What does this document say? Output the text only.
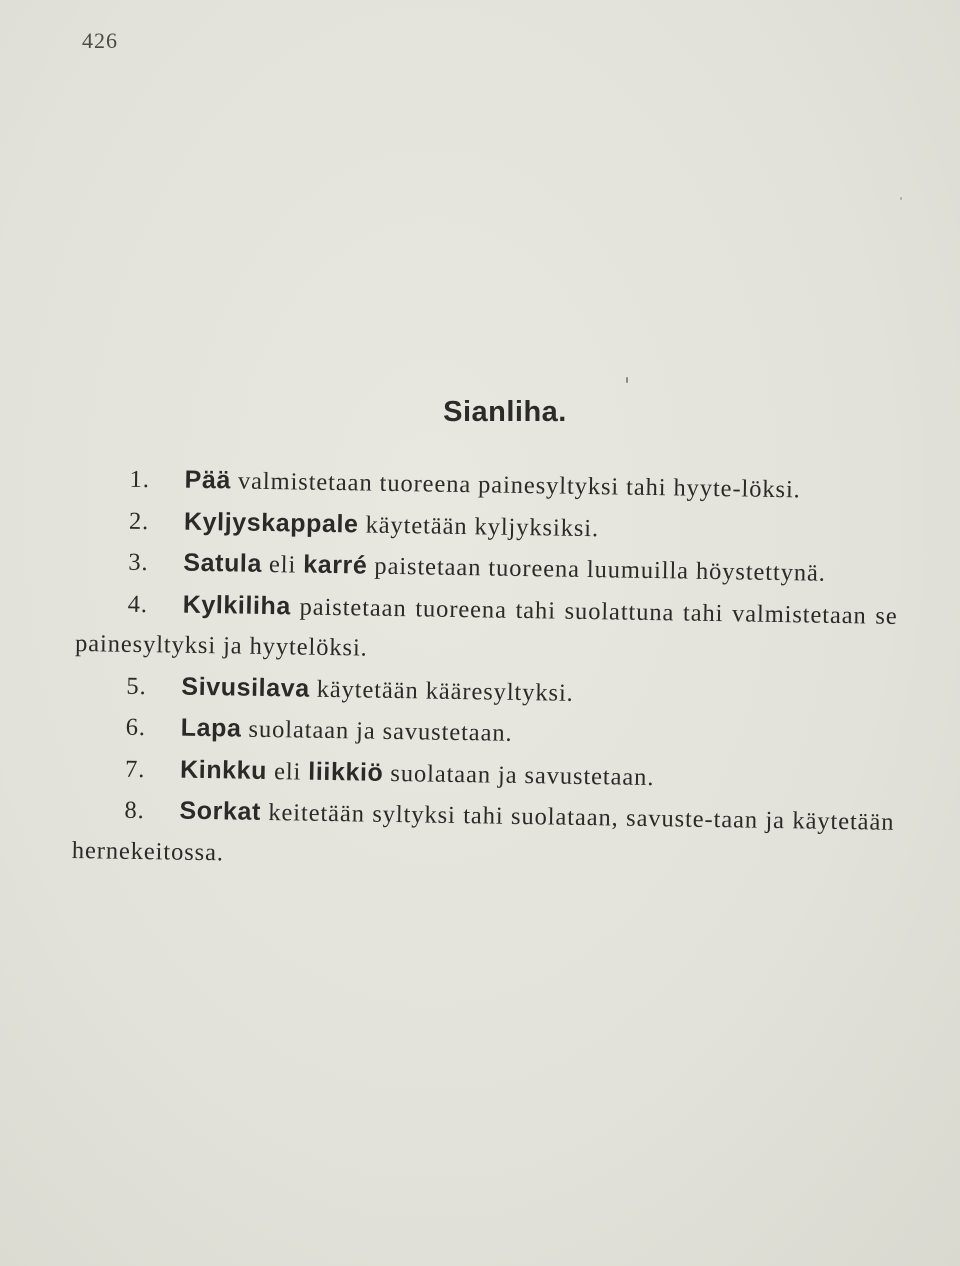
426
Sianliha.

1. Pää valmistetaan tuoreena painesyltyksi tahi hyyte-löksi.

2. Kyljyskappale käytetään kyljyksiksi.

3. Satula eli karré paistetaan tuoreena luumuilla höystettynä.

4. Kylkiliha paistetaan tuoreena tahi suolattuna tahi valmistetaan se painesyltyksi ja hyytelöksi.

5. Sivusilava käytetään kääresyltyksi.

6. Lapa suolataan ja savustetaan.

7. Kinkku eli liikkiö suolataan ja savustetaan.

8. Sorkat keitetään syltyksi tahi suolataan, savuste-taan ja käytetään hernekeitossa.
